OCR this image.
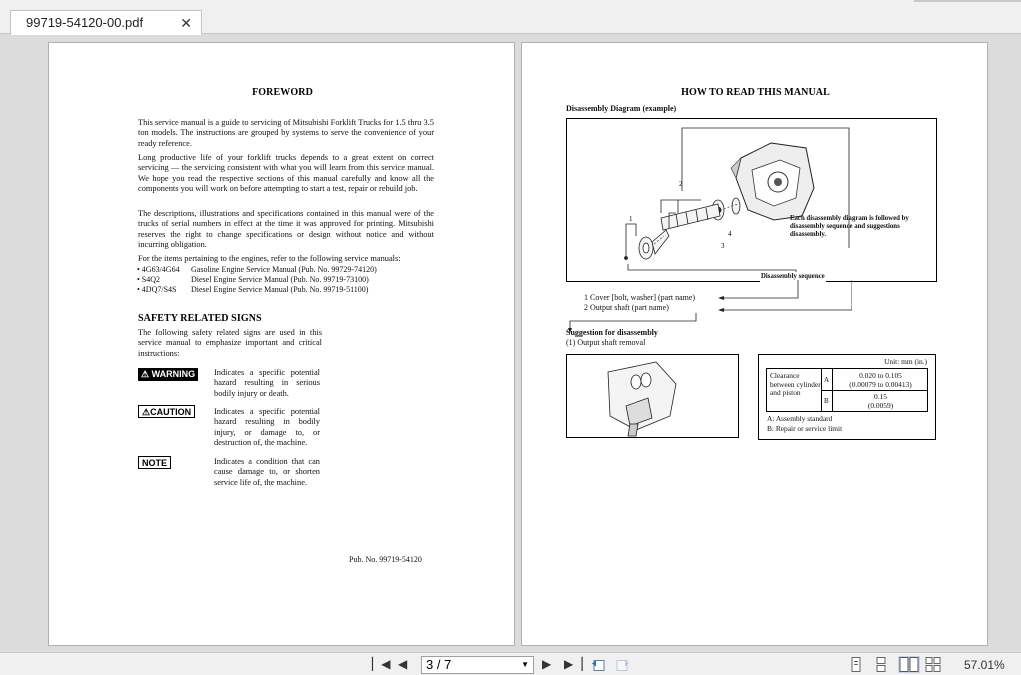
99719-54120-00.pdf	✕
FOREWORD
This service manual is a guide to servicing of Mitsubishi Forklift Trucks for 1.5 thru 3.5 ton models. The instructions are grouped by systems to serve the convenience of your ready reference.
Long productive life of your forklift trucks depends to a great extent on correct servicing — the servicing consistent with what you will learn from this service manual. We hope you read the respective sections of this manual carefully and know all the components you will work on before attempting to start a test, repair or rebuild job.
The descriptions, illustrations and specifications contained in this manual were of the trucks of serial numbers in effect at the time it was approved for printing. Mitsubishi reserves the right to change specifications or design without notice and without incurring obligation.
For the items pertaining to the engines, refer to the following service manuals:
• 4G63/4G64	Gasoline Engine Service Manual (Pub. No. 99729-74120)
• S4Q2	Diesel Engine Service Manual (Pub. No. 99719-73100)
• 4DQ7/S4S	Diesel Engine Service Manual (Pub. No. 99719-51100)
SAFETY RELATED SIGNS
The following safety related signs are used in this service manual to emphasize important and critical instructions:
⚠ WARNING	Indicates a specific potential hazard resulting in serious bodily injury or death.
⚠CAUTION	Indicates a specific potential hazard resulting in bodily injury, or damage to, or destruction of, the machine.
NOTE	Indicates a condition that can cause damage to, or shorten service life of, the machine.
Pub. No. 99719-54120
HOW TO READ THIS MANUAL
Disassembly Diagram (example)
2
1
3
4
Each disassembly diagram is followed by disassembly sequence and suggestions disassembly.
Disassembly sequence
1 Cover [bolt, washer] (part name)
2 Output shaft (part name)
Suggestion for disassembly
(1) Output shaft removal
Unit: mm (in.)
Clearance between cylinder and piston
A	0.020 to 0.105
(0.00079 to 0.00413)
B	0.15
(0.0059)
A: Assembly standard
B: Repair or service limit
▏◀ ◀	3 / 7	▼ ▶ ▶▕	57.01%
